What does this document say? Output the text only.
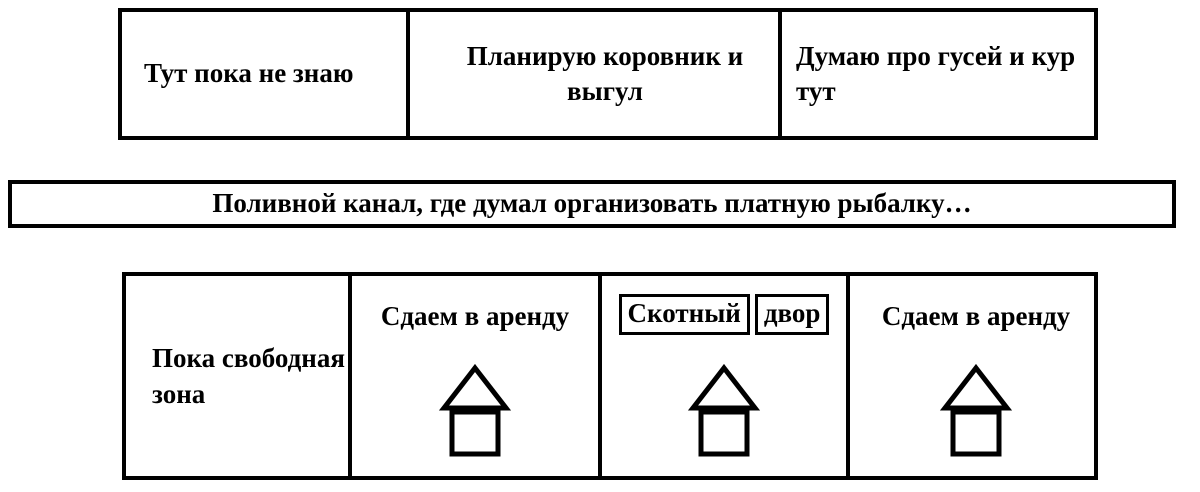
Тут пока не знаю
Планирую коровник и выгул
Думаю про гусей и кур тут
Поливной канал, где думал организовать платную рыбалку…
Пока свободная зона
Сдаем в аренду	Скотный двор	Сдаем в аренду
